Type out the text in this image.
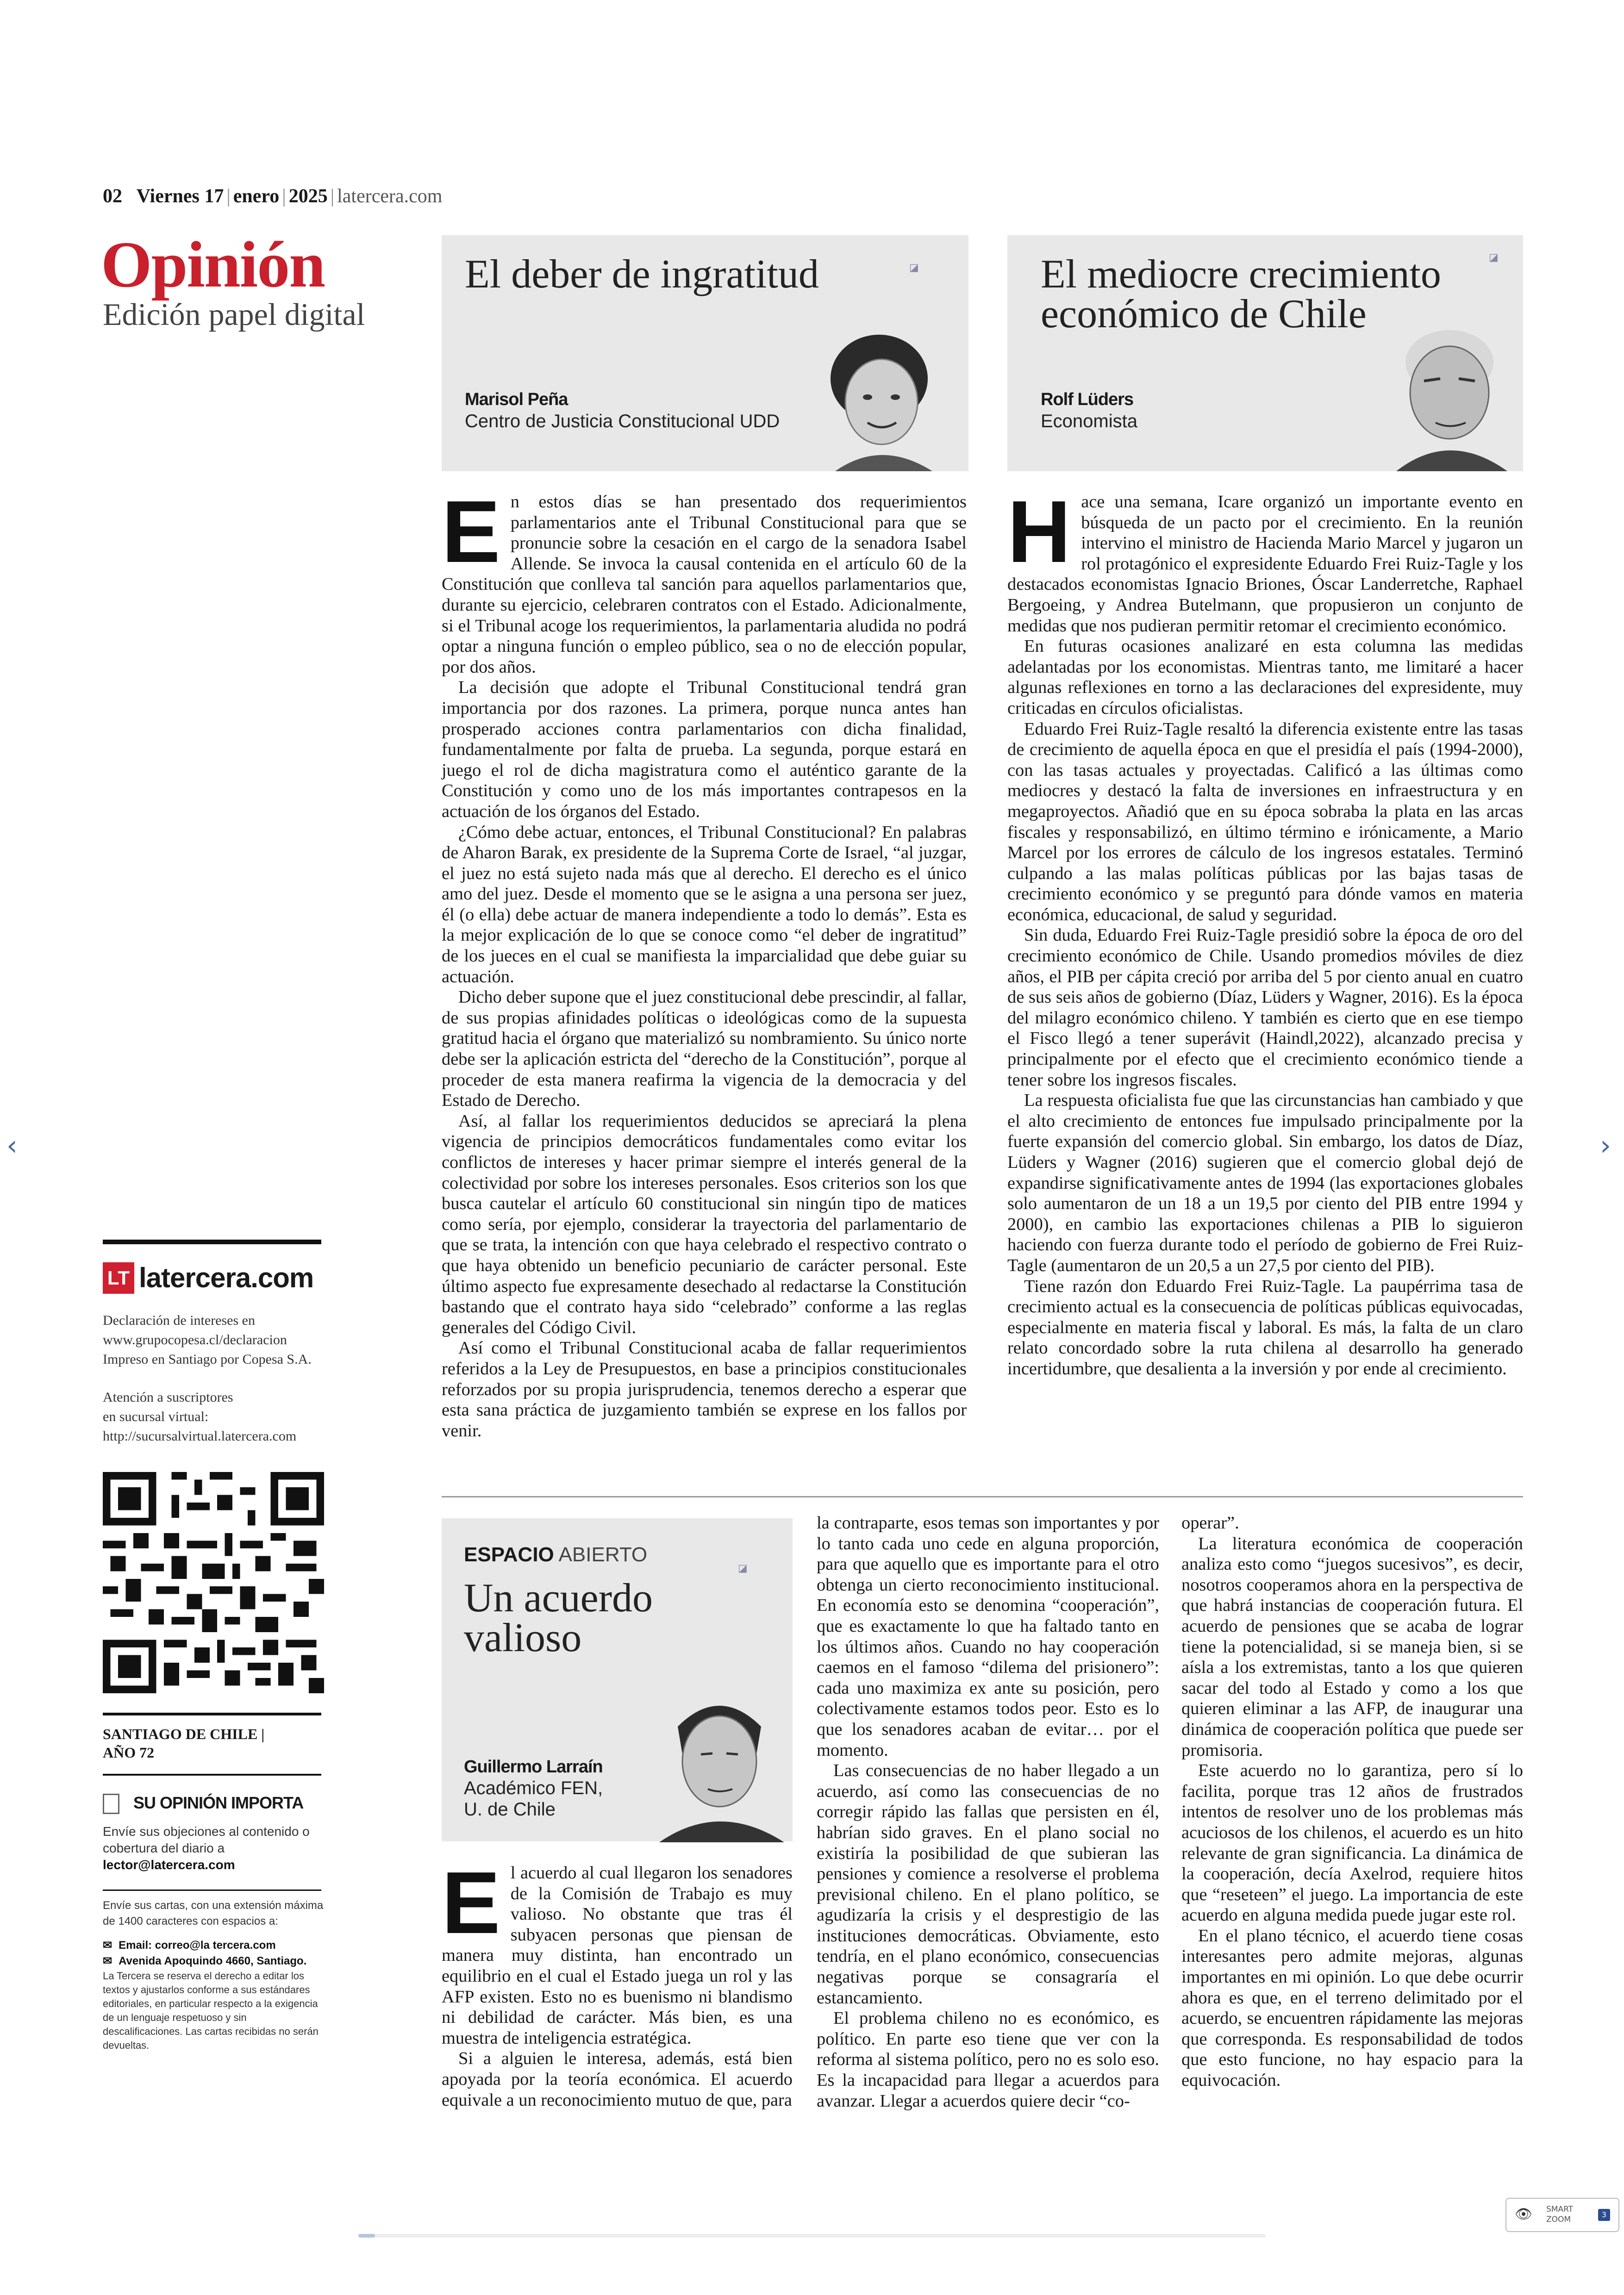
02 Viernes 17 | enero | 2025 | latercera.com
Opinión
Edición papel digital
El deber de ingratitud	◪
Marisol Peña
Centro de Justicia Constitucional UDD
El mediocre crecimiento
económico de Chile
◪
Rolf Lüders
Economista
E n estos días se han presentado dos requerimientos parlamentarios ante el Tribunal Constitucional para que se pronuncie sobre la cesación en el cargo de la senadora Isabel Allende. Se invoca la causal contenida en el artículo 60 de la Constitución que conlleva tal sanción para aquellos parlamentarios que, durante su ejercicio, celebraren contratos con el Estado. Adicionalmente, si el Tribunal acoge los requerimientos, la parlamentaria aludida no podrá optar a ninguna función o empleo público, sea o no de elección popular, por dos años.

La decisión que adopte el Tribunal Constitucional tendrá gran importancia por dos razones. La primera, porque nunca antes han prosperado acciones contra parlamentarios con dicha finalidad, fundamentalmente por falta de prueba. La segunda, porque estará en juego el rol de dicha magistratura como el auténtico garante de la Constitución y como uno de los más importantes contrapesos en la actuación de los órganos del Estado.

¿Cómo debe actuar, entonces, el Tribunal Constitucional? En palabras de Aharon Barak, ex presidente de la Suprema Corte de Israel, “al juzgar, el juez no está sujeto nada más que al derecho. El derecho es el único amo del juez. Desde el momento que se le asigna a una persona ser juez, él (o ella) debe actuar de manera independiente a todo lo demás”. Esta es la mejor explicación de lo que se conoce como “el deber de ingratitud” de los jueces en el cual se manifiesta la imparcialidad que debe guiar su actuación.

Dicho deber supone que el juez constitucional debe prescindir, al fallar, de sus propias afinidades políticas o ideológicas como de la supuesta gratitud hacia el órgano que materializó su nombramiento. Su único norte debe ser la aplicación estricta del “derecho de la Constitución”, porque al proceder de esta manera reafirma la vigencia de la democracia y del Estado de Derecho.

Así, al fallar los requerimientos deducidos se apreciará la plena vigencia de principios democráticos fundamentales como evitar los conflictos de intereses y hacer primar siempre el interés general de la colectividad por sobre los intereses personales. Esos criterios son los que busca cautelar el artículo 60 constitucional sin ningún tipo de matices como sería, por ejemplo, considerar la trayectoria del parlamentario de que se trata, la intención con que haya celebrado el respectivo contrato o que haya obtenido un beneficio pecuniario de carácter personal. Este último aspecto fue expresamente desechado al redactarse la Constitución bastando que el contrato haya sido “celebrado” conforme a las reglas generales del Código Civil.

Así como el Tribunal Constitucional acaba de fallar requerimientos referidos a la Ley de Presupuestos, en base a principios constitucionales reforzados por su propia jurisprudencia, tenemos derecho a esperar que esta sana práctica de juzgamiento también se exprese en los fallos por venir.

H ace una semana, Icare organizó un importante evento en búsqueda de un pacto por el crecimiento. En la reunión intervino el ministro de Hacienda Mario Marcel y jugaron un rol protagónico el expresidente Eduardo Frei Ruiz-Tagle y los destacados economistas Ignacio Briones, Óscar Landerretche, Raphael Bergoeing, y Andrea Butelmann, que propusieron un conjunto de medidas que nos pudieran permitir retomar el crecimiento económico.

En futuras ocasiones analizaré en esta columna las medidas adelantadas por los economistas. Mientras tanto, me limitaré a hacer algunas reflexiones en torno a las declaraciones del expresidente, muy criticadas en círculos oficialistas.

Eduardo Frei Ruiz-Tagle resaltó la diferencia existente entre las tasas de crecimiento de aquella época en que el presidía el país (1994-2000), con las tasas actuales y proyectadas. Calificó a las últimas como mediocres y destacó la falta de inversiones en infraestructura y en megaproyectos. Añadió que en su época sobraba la plata en las arcas fiscales y responsabilizó, en último término e irónicamente, a Mario Marcel por los errores de cálculo de los ingresos estatales. Terminó culpando a las malas políticas públicas por las bajas tasas de crecimiento económico y se preguntó para dónde vamos en materia económica, educacional, de salud y seguridad.

Sin duda, Eduardo Frei Ruiz-Tagle presidió sobre la época de oro del crecimiento económico de Chile. Usando promedios móviles de diez años, el PIB per cápita creció por arriba del 5 por ciento anual en cuatro de sus seis años de gobierno (Díaz, Lüders y Wagner, 2016). Es la época del milagro económico chileno. Y también es cierto que en ese tiempo el Fisco llegó a tener superávit (Haindl,2022), alcanzado precisa y principalmente por el efecto que el crecimiento económico tiende a tener sobre los ingresos fiscales.

La respuesta oficialista fue que las circunstancias han cambiado y que el alto crecimiento de entonces fue impulsado principalmente por la fuerte expansión del comercio global. Sin embargo, los datos de Díaz, Lüders y Wagner (2016) sugieren que el comercio global dejó de expandirse significativamente antes de 1994 (las exportaciones globales solo aumentaron de un 18 a un 19,5 por ciento del PIB entre 1994 y 2000), en cambio las exportaciones chilenas a PIB lo siguieron haciendo con fuerza durante todo el período de gobierno de Frei Ruiz-Tagle (aumentaron de un 20,5 a un 27,5 por ciento del PIB).

Tiene razón don Eduardo Frei Ruiz-Tagle. La paupérrima tasa de crecimiento actual es la consecuencia de políticas públicas equivocadas, especialmente en materia fiscal y laboral. Es más, la falta de un claro relato concordado sobre la ruta chilena al desarrollo ha generado incertidumbre, que desalienta a la inversión y por ende al crecimiento.

ESPACIO ABIERTO
Un acuerdo
valioso
◪
Guillermo Larraín
Académico FEN,
U. de Chile
E l acuerdo al cual llegaron los senadores de la Comisión de Trabajo es muy valioso. No obstante que tras él subyacen personas que piensan de manera muy distinta, han encontrado un equilibrio en el cual el Estado juega un rol y las AFP existen. Esto no es buenismo ni blandismo ni debilidad de carácter. Más bien, es una muestra de inteligencia estratégica.

Si a alguien le interesa, además, está bien apoyada por la teoría económica. El acuerdo equivale a un reconocimiento mutuo de que, para

la contraparte, esos temas son importantes y por lo tanto cada uno cede en alguna proporción, para que aquello que es importante para el otro obtenga un cierto reconocimiento institucional. En economía esto se denomina “cooperación”, que es exactamente lo que ha faltado tanto en los últimos años. Cuando no hay cooperación caemos en el famoso “dilema del prisionero”: cada uno maximiza ex ante su posición, pero colectivamente estamos todos peor. Esto es lo que los senadores acaban de evitar… por el momento.

Las consecuencias de no haber llegado a un acuerdo, así como las consecuencias de no corregir rápido las fallas que persisten en él, habrían sido graves. En el plano social no existiría la posibilidad de que subieran las pensiones y comience a resolverse el problema previsional chileno. En el plano político, se agudizaría la crisis y el desprestigio de las instituciones democráticas. Obviamente, esto tendría, en el plano económico, consecuencias negativas porque se consagraría el estancamiento.

El problema chileno no es económico, es político. En parte eso tiene que ver con la reforma al sistema político, pero no es solo eso. Es la incapacidad para llegar a acuerdos para avanzar. Llegar a acuerdos quiere decir “co-

operar”.

La literatura económica de cooperación analiza esto como “juegos sucesivos”, es decir, nosotros cooperamos ahora en la perspectiva de que habrá instancias de cooperación futura. El acuerdo de pensiones que se acaba de lograr tiene la potencialidad, si se maneja bien, si se aísla a los extremistas, tanto a los que quieren sacar del todo al Estado y como a los que quieren eliminar a las AFP, de inaugurar una dinámica de cooperación política que puede ser promisoria.

Este acuerdo no lo garantiza, pero sí lo facilita, porque tras 12 años de frustrados intentos de resolver uno de los problemas más acuciosos de los chilenos, el acuerdo es un hito relevante de gran significancia. La dinámica de la cooperación, decía Axelrod, requiere hitos que “reseteen” el juego. La importancia de este acuerdo en alguna medida puede jugar este rol.

En el plano técnico, el acuerdo tiene cosas interesantes pero admite mejoras, algunas importantes en mi opinión. Lo que debe ocurrir ahora es que, en el terreno delimitado por el acuerdo, se encuentren rápidamente las mejoras que corresponda. Es responsabilidad de todos que esto funcione, no hay espacio para la equivocación.

LT latercera.com
Declaración de intereses en
www.grupocopesa.cl/declaracion
Impreso en Santiago por Copesa S.A.
Atención a suscriptores
en sucursal virtual:
http://sucursalvirtual.latercera.com
SANTIAGO DE CHILE |
AÑO 72
SU OPINIÓN IMPORTA
Envíe sus objeciones al contenido o cobertura del diario a
lector@latercera.com
Envíe sus cartas, con una extensión máxima de 1400 caracteres con espacios a:
✉ Email: correo@la tercera.com
✉ Avenida Apoquindo 4660, Santiago.
La Tercera se reserva el derecho a editar los textos y ajustarlos conforme a sus estándares editoriales, en particular respecto a la exigencia de un lenguaje respetuoso y sin descalificaciones. Las cartas recibidas no serán devueltas.
‹	›
👁 SMART
ZOOM
3
